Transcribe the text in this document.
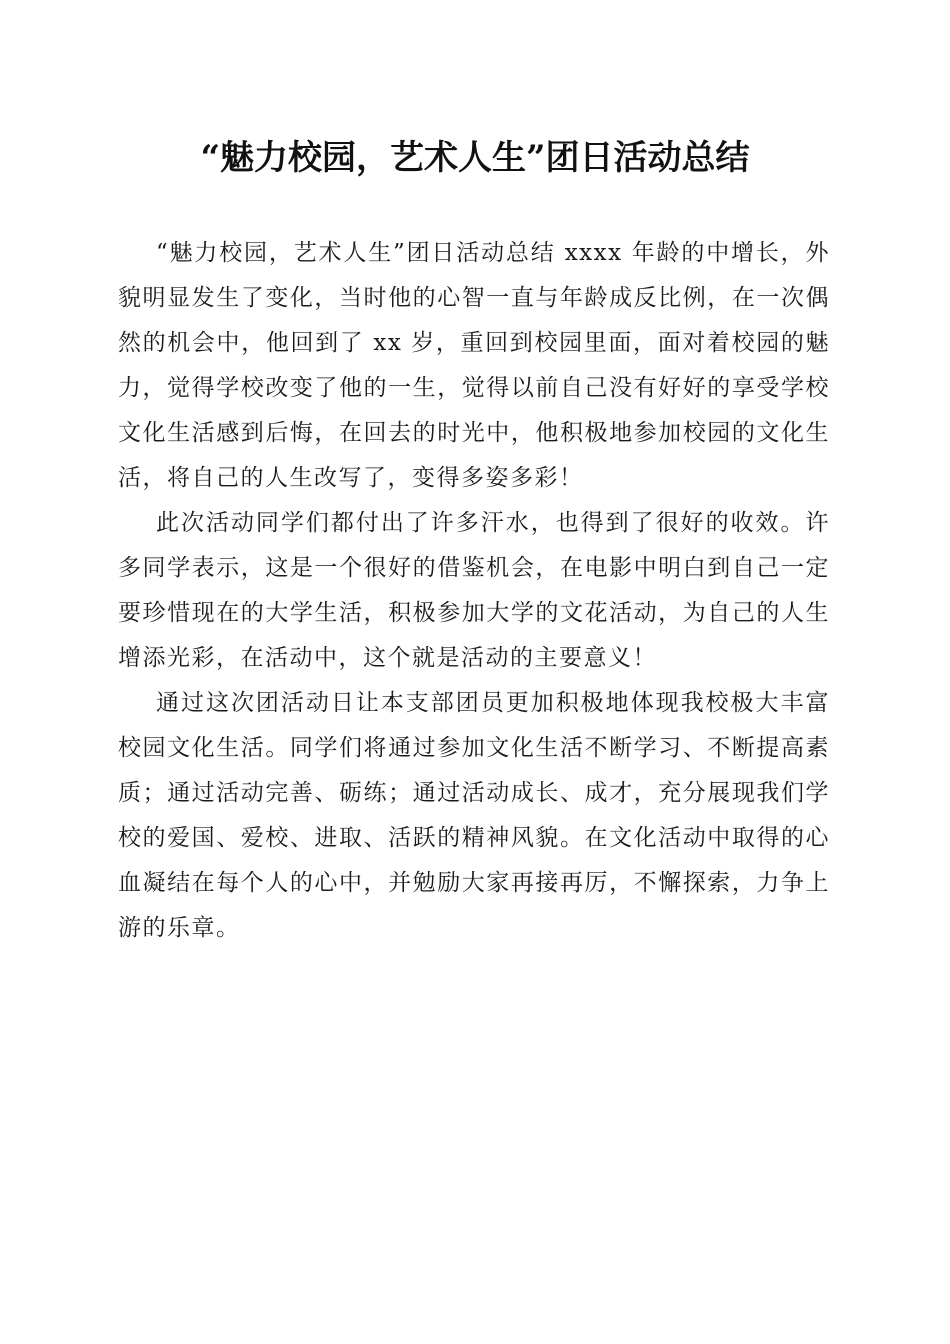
“魅力校园，艺术人生”团日活动总结

“魅力校园，艺术人生”团日活动总结 xxxx 年龄的中增长，外貌明显发生了变化，当时他的心智一直与年龄成反比例，在一次偶然的机会中，他回到了 xx 岁，重回到校园里面，面对着校园的魅力，觉得学校改变了他的一生，觉得以前自己没有好好的享受学校文化生活感到后悔，在回去的时光中，他积极地参加校园的文化生活，将自己的人生改写了，变得多姿多彩！

此次活动同学们都付出了许多汗水，也得到了很好的收效。许多同学表示，这是一个很好的借鉴机会，在电影中明白到自己一定要珍惜现在的大学生活，积极参加大学的文花活动，为自己的人生增添光彩，在活动中，这个就是活动的主要意义！

通过这次团活动日让本支部团员更加积极地体现我校极大丰富校园文化生活。同学们将通过参加文化生活不断学习、不断提高素质；通过活动完善、砺练；通过活动成长、成才，充分展现我们学校的爱国、爱校、进取、活跃的精神风貌。在文化活动中取得的心血凝结在每个人的心中，并勉励大家再接再厉，不懈探索，力争上游的乐章。
